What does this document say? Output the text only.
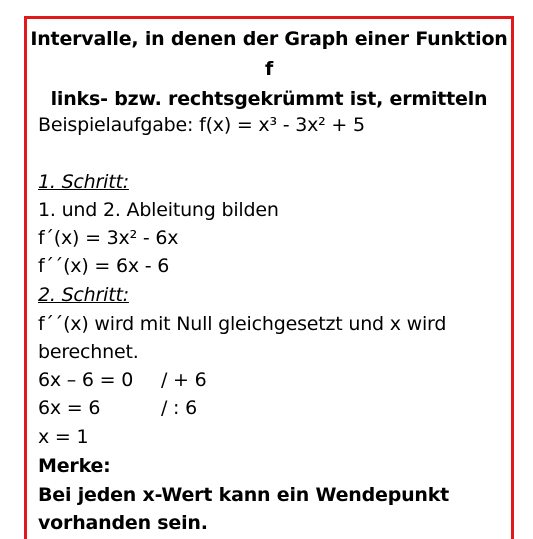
Intervalle, in denen der Graph einer Funktion f
links- bzw. rechtsgekrümmt ist, ermitteln
Beispielaufgabe: f(x) = x³ - 3x² + 5
1. Schritt:
1. und 2. Ableitung bilden
f´(x) = 3x² - 6x
f´´(x) = 6x - 6
2. Schritt:
f´´(x) wird mit Null gleichgesetzt und x wird
berechnet.
6x – 6 = 0 / + 6
6x = 6	/ : 6
x = 1
Merke:
Bei jeden x-Wert kann ein Wendepunkt
vorhanden sein.
